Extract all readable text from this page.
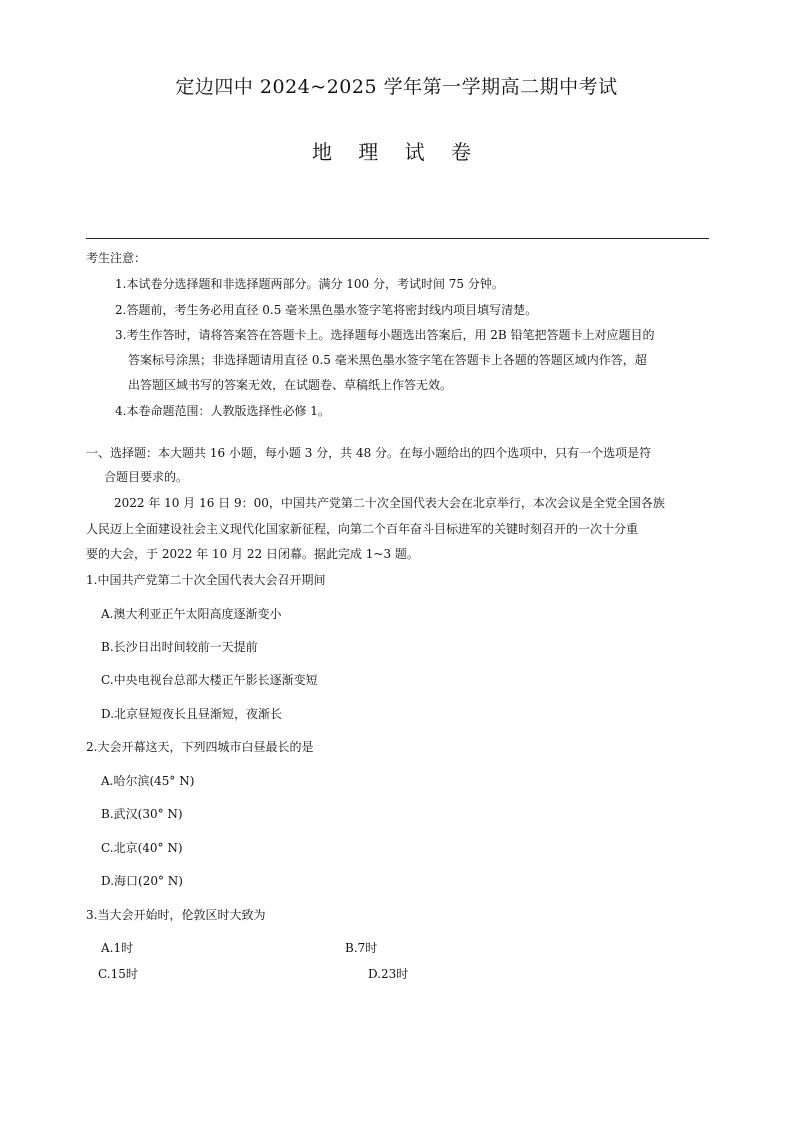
定边四中 2024~2025 学年第一学期高二期中考试
地 理 试 卷
考生注意：
1.本试卷分选择题和非选择题两部分。满分 100 分，考试时间 75 分钟。
2.答题前，考生务必用直径 0.5 毫米黑色墨水签字笔将密封线内项目填写清楚。
3.考生作答时，请将答案答在答题卡上。选择题每小题选出答案后，用 2B 铅笔把答题卡上对应题目的
答案标号涂黑；非选择题请用直径 0.5 毫米黑色墨水签字笔在答题卡上各题的答题区域内作答，超
出答题区域书写的答案无效，在试题卷、草稿纸上作答无效。
4.本卷命题范围：人教版选择性必修 1。
一、选择题：本大题共 16 小题，每小题 3 分，共 48 分。在每小题给出的四个选项中，只有一个选项是符
合题目要求的。
2022 年 10 月 16 日 9：00，中国共产党第二十次全国代表大会在北京举行，本次会议是全党全国各族
人民迈上全面建设社会主义现代化国家新征程，向第二个百年奋斗目标进军的关键时刻召开的一次十分重
要的大会，于 2022 年 10 月 22 日闭幕。据此完成 1~3 题。
1.中国共产党第二十次全国代表大会召开期间
A.澳大利亚正午太阳高度逐渐变小
B.长沙日出时间较前一天提前
C.中央电视台总部大楼正午影长逐渐变短
D.北京昼短夜长且昼渐短，夜渐长
2.大会开幕这天，下列四城市白昼最长的是
A.哈尔滨(45° N)
B.武汉(30° N)
C.北京(40° N)
D.海口(20° N)
3.当大会开始时，伦敦区时大致为
A.1时	B.7时
C.15时	D.23时
